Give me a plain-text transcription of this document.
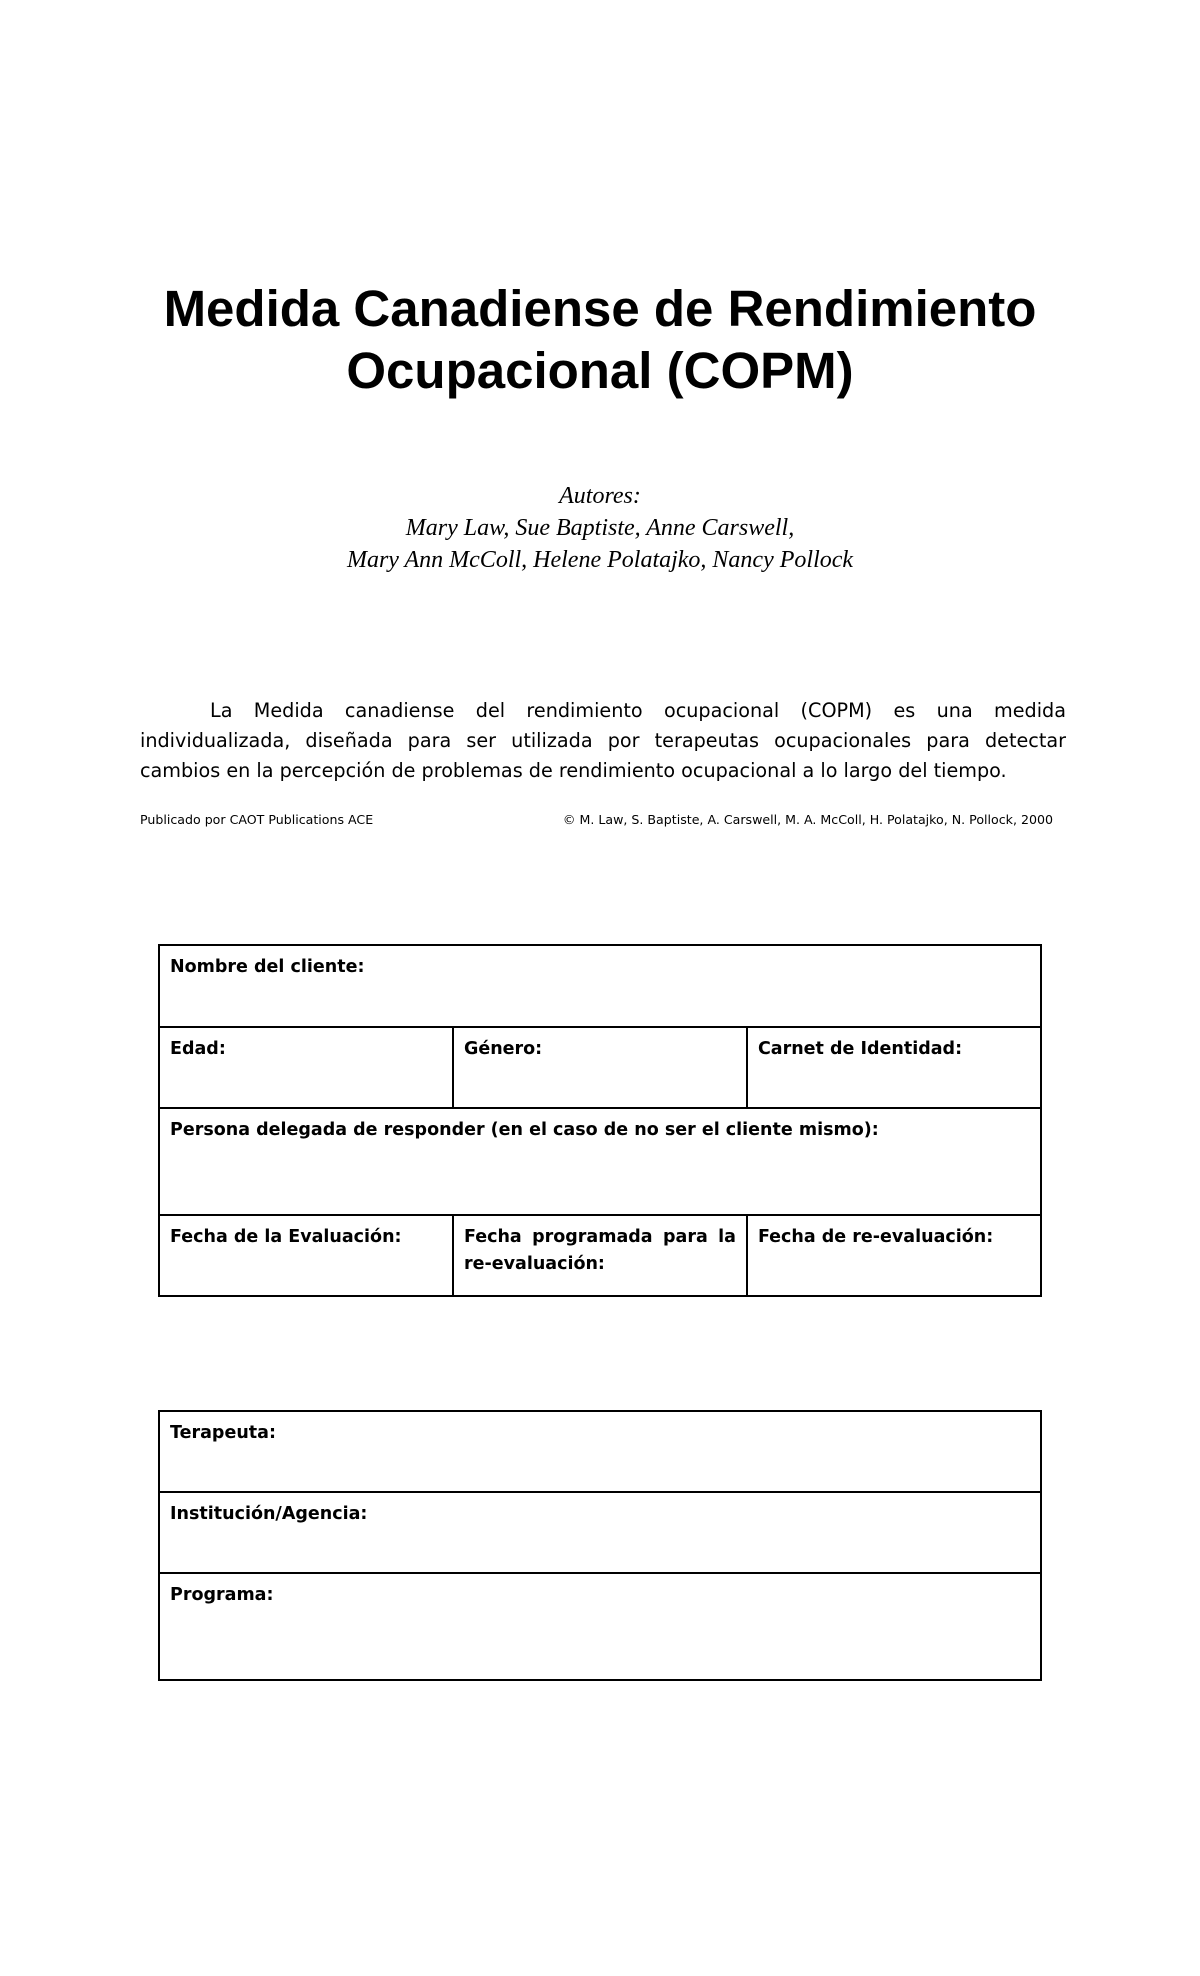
Medida Canadiense de Rendimiento
Ocupacional (COPM)
Autores:
Mary Law, Sue Baptiste, Anne Carswell,
Mary Ann McColl, Helene Polatajko, Nancy Pollock

La Medida canadiense del rendimiento ocupacional (COPM) es una medida individualizada, diseñada para ser utilizada por terapeutas ocupacionales para detectar cambios en la percepción de problemas de rendimiento ocupacional a lo largo del tiempo.

Publicado por CAOT Publications ACE	© M. Law, S. Baptiste, A. Carswell, M. A. McColl, H. Polatajko, N. Pollock, 2000
Nombre del cliente:		
Edad:	Género:	Carnet de Identidad:
Persona delegada de responder (en el caso de no ser el cliente mismo):		
Fecha de la Evaluación:	Fecha programada para la re-evaluación:	Fecha de re-evaluación:
Terapeuta:
Institución/Agencia:
Programa:
